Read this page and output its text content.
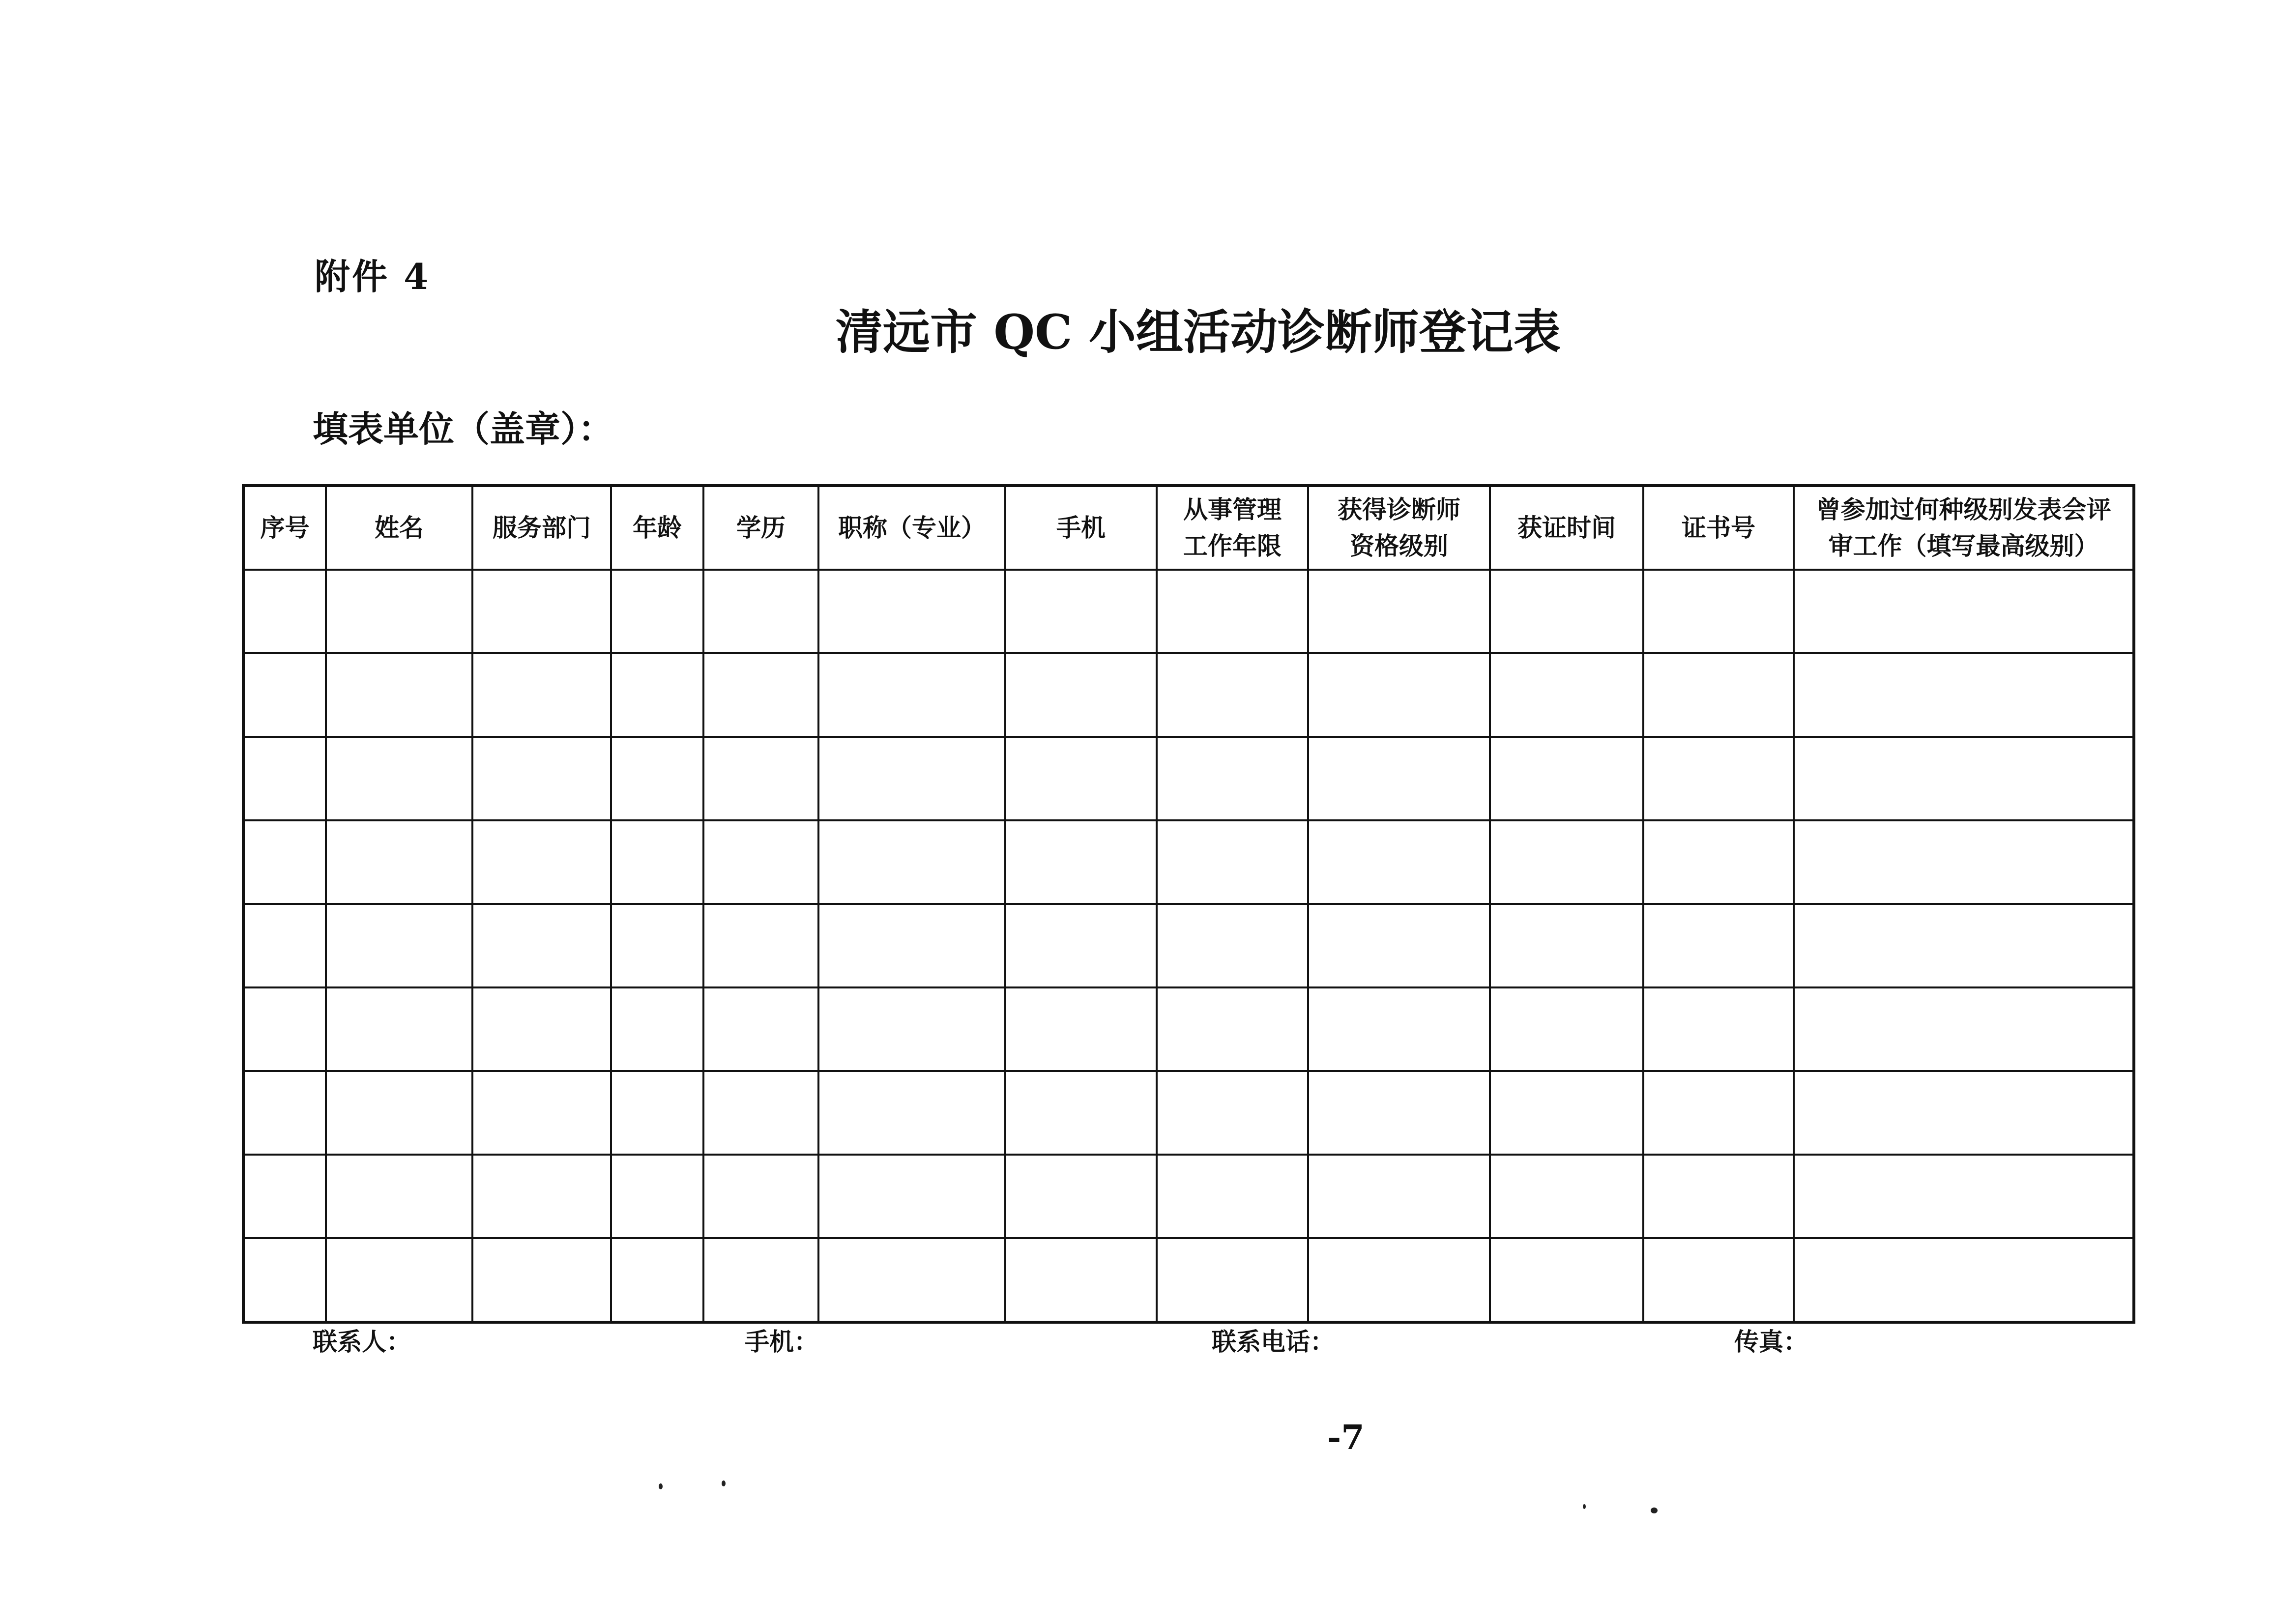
附件 4
清远市 QC 小组活动诊断师登记表
填表单位（盖章）：
序号	姓名	服务部门	年龄	学历	职称（专业）	手机	从事管理工作年限	获得诊断师资格级别	获证时间	证书号	曾参加过何种级别发表会评审工作（填写最高级别）

联系人：	手机：	联系电话：	传真：
-7
